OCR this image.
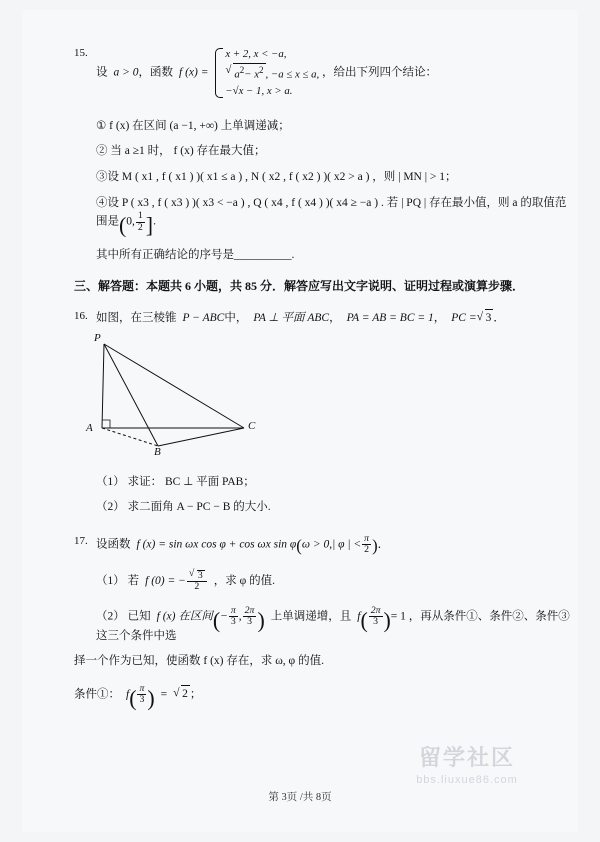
15.
设 a > 0，函数 f (x) =
x + 2, x < −a,
√ $a^2- x^2$ , −a ≤ x ≤ a,
−√x − 1, x > a.
，给出下列四个结论：
① f (x) 在区间 (a −1, +∞) 上单调递减；
② 当 a ≥1 时， f (x) 存在最大值；
③设 M ( x1 , f ( x1 ) )( x1 ≤ a ) , N ( x2 , f ( x2 ) )( x2 > a ) ，则 | MN | > 1；
④设 P ( x3 , f ( x3 ) )( x3 < −a ) , Q ( x4 , f ( x4 ) )( x4 ≥ −a ) . 若 | PQ | 存在最小值，则 a 的取值范围是(0, $\frac{1}{2}$ ].
其中所有正确结论的序号是__________.
三、解答题：本题共 6 小题，共 85 分．解答应写出文字说明、证明过程或演算步骤．
16. 如图，在三棱锥 P − ABC中， PA ⊥ 平面 ABC， PA = AB = BC = 1， PC = √ 3 ．
P
A
B
C
（1） 求证： BC ⊥ 平面 PAB；
（2） 求二面角 A − PC − B 的大小.
17. 设函数 f (x) = sin ωx cos φ + cos ωx sin φ(ω > 0,| φ | < $\frac{\pi}{2}$ )．
（1） 若 f (0) = − √ $\frac{3}{2}$ ，求 φ 的值.
（2） 已知 f (x) 在区间(− $\frac{\pi}{3}$ , $\frac{2\pi}{3}$ ) 上单调递增，且 $f( \frac{2\pi}{3}$ )= 1 ，再从条件①、条件②、条件③这三个条件中选
择一个作为已知，使函数 f (x) 存在，求 ω, φ 的值.
条件①： $f( \frac{\pi}{3}$ ) = √ 2 ；
留学社区
bbs.liuxue86.com
第 3页 /共 8页
